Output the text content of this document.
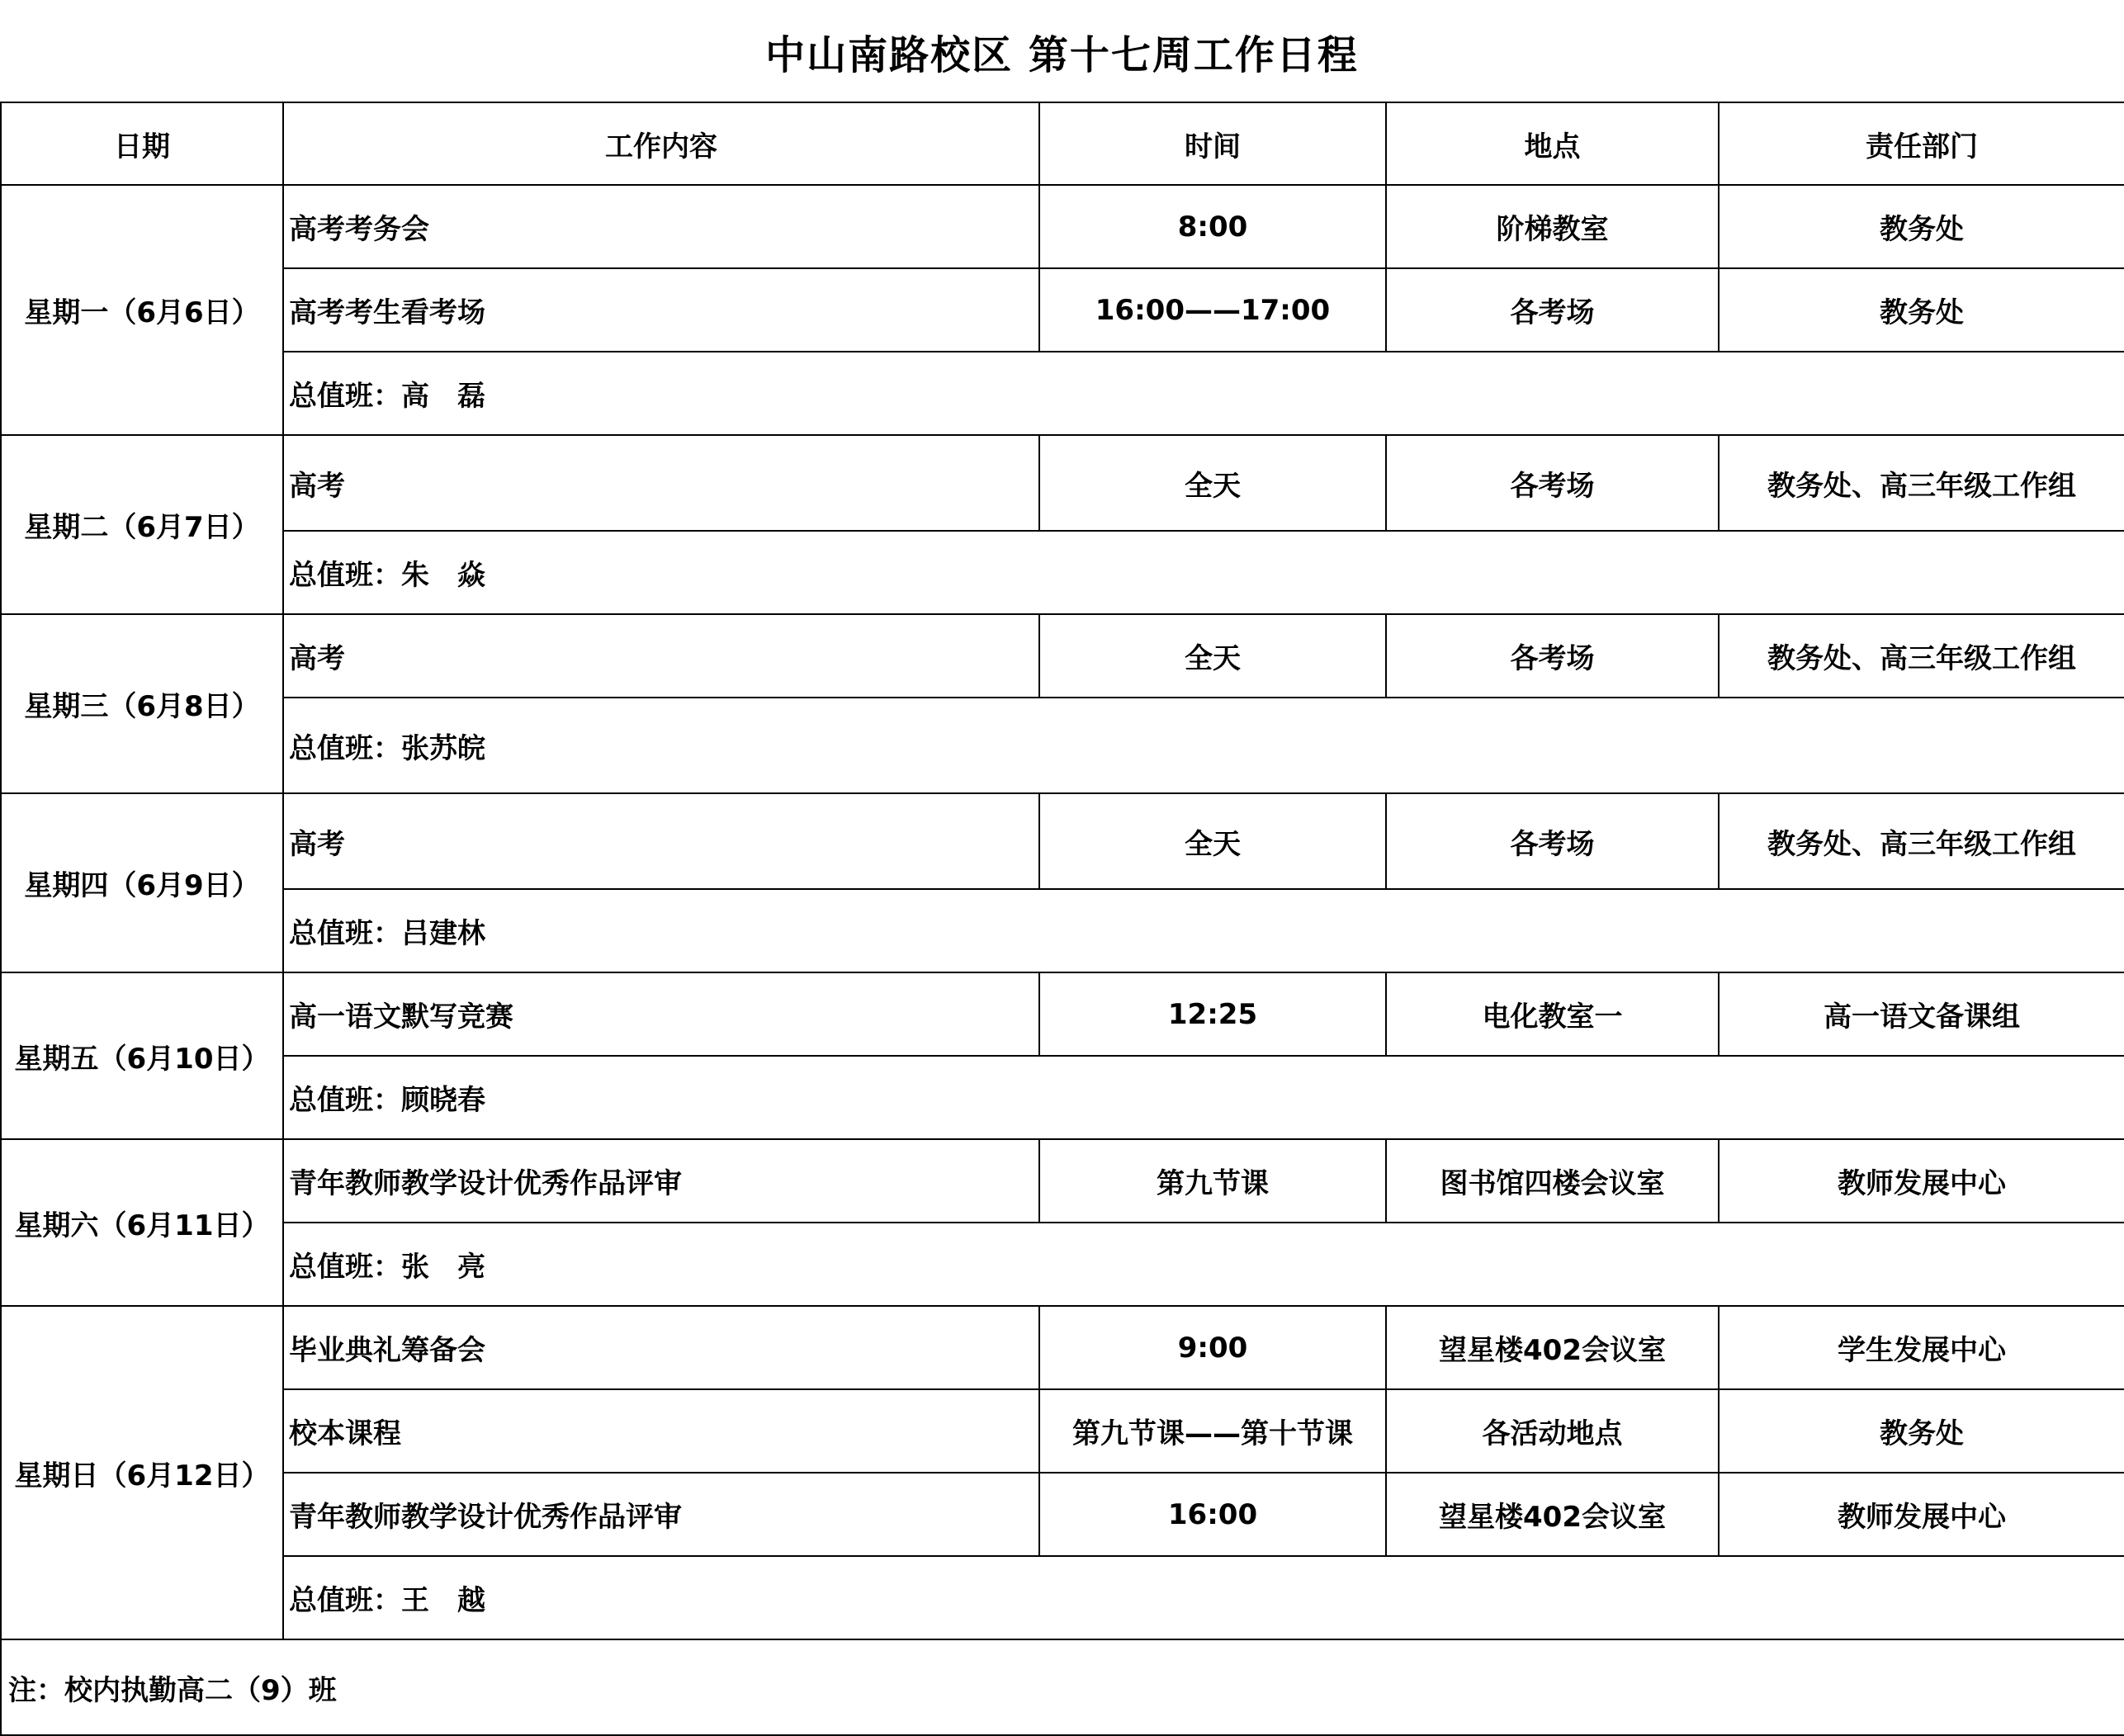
中山南路校区 第十七周工作日程
日期	工作内容	时间	地点	责任部门
星期一（6月6日）	高考考务会	8:00	阶梯教室	教务处
	高考考生看考场	16:00——17:00	各考场	教务处
	总值班：高　磊			
星期二（6月7日）	高考	全天	各考场	教务处、高三年级工作组
	总值班：朱　焱			
星期三（6月8日）	高考	全天	各考场	教务处、高三年级工作组
	总值班：张苏皖			
星期四（6月9日）	高考	全天	各考场	教务处、高三年级工作组
	总值班：吕建林			
星期五（6月10日）	高一语文默写竞赛	12:25	电化教室一	高一语文备课组
	总值班：顾晓春			
星期六（6月11日）	青年教师教学设计优秀作品评审	第九节课	图书馆四楼会议室	教师发展中心
	总值班：张　亮			
星期日（6月12日）	毕业典礼筹备会	9:00	望星楼402会议室	学生发展中心
	校本课程	第九节课——第十节课	各活动地点	教务处
	青年教师教学设计优秀作品评审	16:00	望星楼402会议室	教师发展中心
	总值班：王　越			
注：校内执勤高二（9）班				
